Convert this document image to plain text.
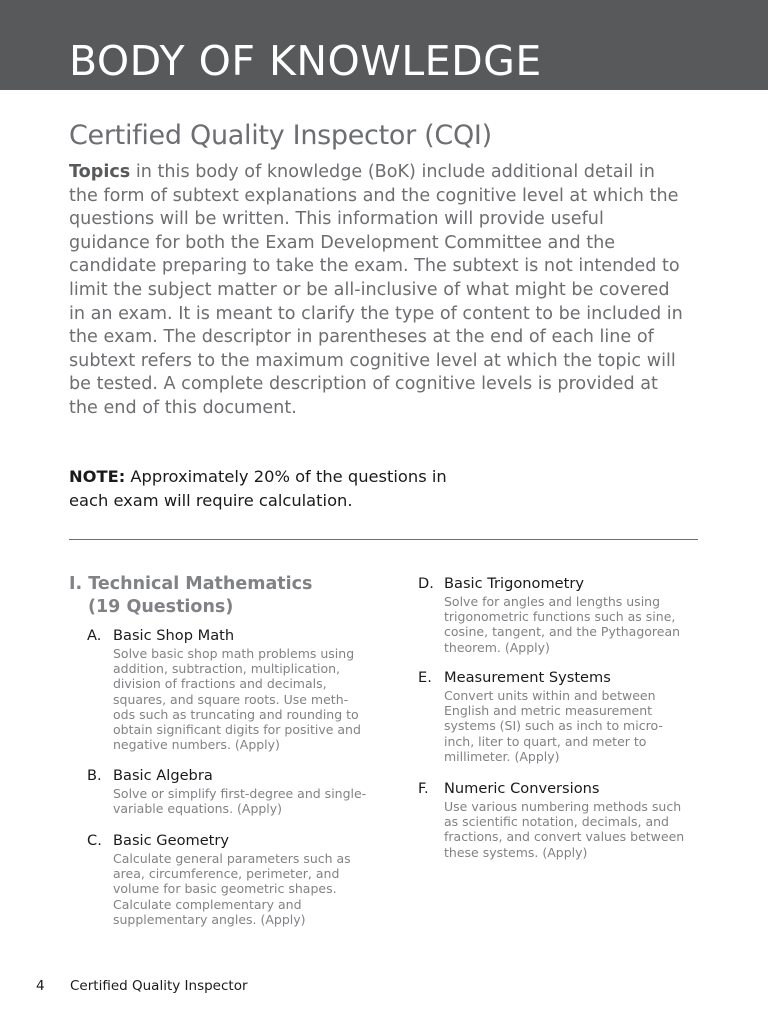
BODY OF KNOWLEDGE
Certified Quality Inspector (CQI)

Topics in this body of knowledge (BoK) include additional detail in the form of subtext explanations and the cognitive level at which the questions will be written. This information will provide useful guidance for both the Exam Development Committee and the candidate preparing to take the exam. The subtext is not intended to limit the subject matter or be all-inclusive of what might be covered in an exam. It is meant to clarify the type of content to be included in the exam. The descriptor in parentheses at the end of each line of subtext refers to the maximum cognitive level at which the topic will be tested. A complete description of cognitive levels is provided at the end of this document.

NOTE: Approximately 20% of the questions in each exam will require calculation.

I. Technical Mathematics
(19 Questions)
A. Basic Shop Math
Solve basic shop math problems using addition, subtraction, multiplication, division of fractions and decimals, squares, and square roots. Use meth-ods such as truncating and rounding to obtain significant digits for positive and negative numbers. (Apply)
B. Basic Algebra
Solve or simplify first-degree and single-variable equations. (Apply)
C. Basic Geometry
Calculate general parameters such as area, circumference, perimeter, and volume for basic geometric shapes. Calculate complementary and supplementary angles. (Apply)
D. Basic Trigonometry
Solve for angles and lengths using trigonometric functions such as sine, cosine, tangent, and the Pythagorean theorem. (Apply)
E. Measurement Systems
Convert units within and between English and metric measurement systems (SI) such as inch to micro-inch, liter to quart, and meter to millimeter. (Apply)
F. Numeric Conversions
Use various numbering methods such as scientific notation, decimals, and fractions, and convert values between these systems. (Apply)

4 Certified Quality Inspector
